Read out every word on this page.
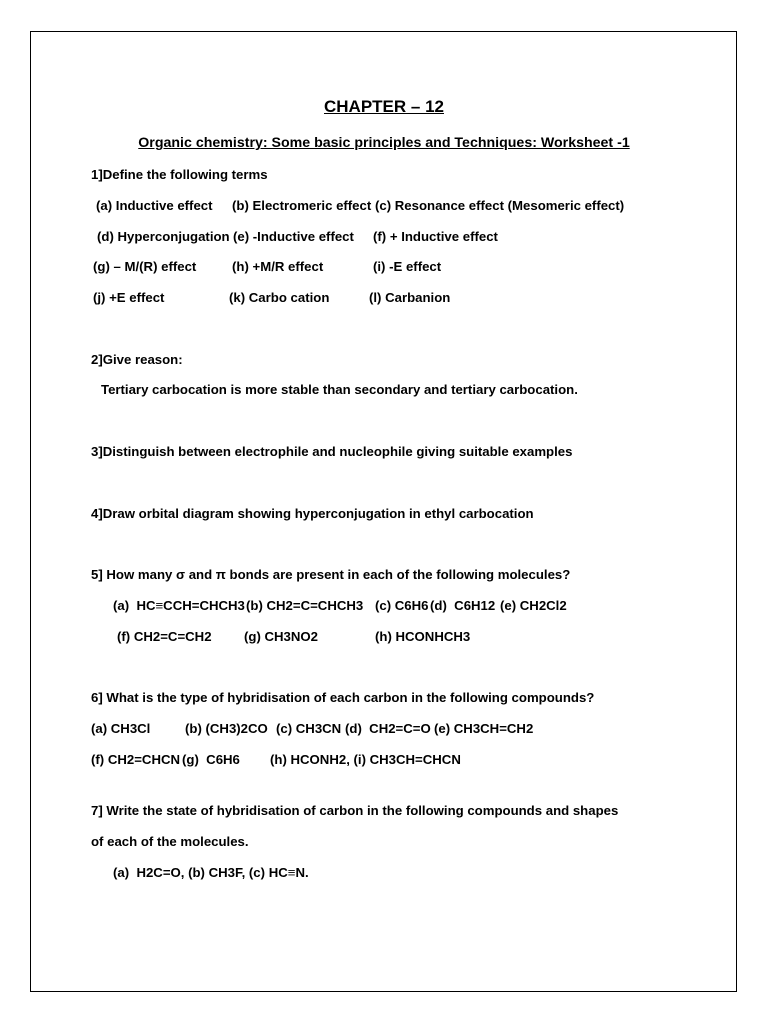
CHAPTER – 12
Organic chemistry: Some basic principles and Techniques: Worksheet -1
1]Define the following terms
(a) Inductive effect (b) Electromeric effect (c) Resonance effect (Mesomeric effect)
(d) Hyperconjugation (e) -Inductive effect (f) + Inductive effect
(g) – M/(R) effect	(h) +M/R effect	(i) -E effect
(j) +E effect	(k) Carbo cation	(l) Carbanion
2]Give reason:
Tertiary carbocation is more stable than secondary and tertiary carbocation.
3]Distinguish between electrophile and nucleophile giving suitable examples
4]Draw orbital diagram showing hyperconjugation in ethyl carbocation
5] How many σ and π bonds are present in each of the following molecules?
(a)  HC≡CCH=CHCH3 (b) CH2=C=CHCH3 (c) C6H6 (d)  C6H12 (e) CH2Cl2
(f) CH2=C=CH2 (g) CH3NO2	(h) HCONHCH3
6] What is the type of hybridisation of each carbon in the following compounds?
(a) CH3Cl	(b) (CH3)2CO (c) CH3CN (d)  CH2=C=O (e) CH3CH=CH2
(f) CH2=CHCN (g)  C6H6 (h) HCONH2, (i) CH3CH=CHCN
7] Write the state of hybridisation of carbon in the following compounds and shapes
of each of the molecules.
(a)  H2C=O, (b) CH3F, (c) HC≡N.
